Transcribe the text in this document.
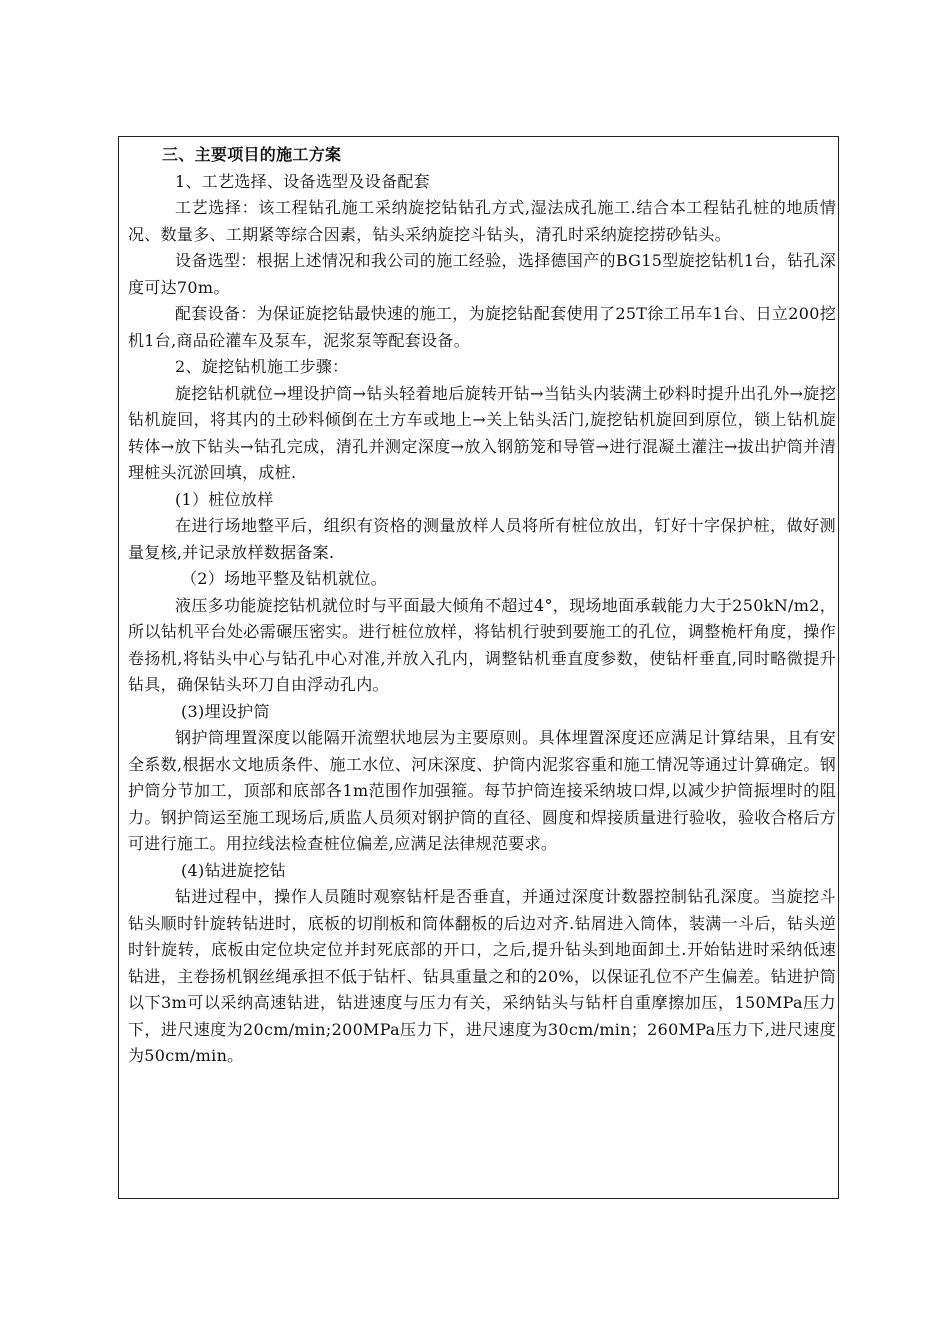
三、主要项目的施工方案

1、工艺选择、设备选型及设备配套

工艺选择：该工程钻孔施工采纳旋挖钻钻孔方式,湿法成孔施工.结合本工程钻孔桩的地质情况、数量多、工期紧等综合因素，钻头采纳旋挖斗钻头，清孔时采纳旋挖捞砂钻头。

设备选型：根据上述情况和我公司的施工经验，选择德国产的BG15型旋挖钻机1台，钻孔深度可达70m。

配套设备：为保证旋挖钻最快速的施工，为旋挖钻配套使用了25T徐工吊车1台、日立200挖机1台,商品砼灌车及泵车，泥浆泵等配套设备。

2、旋挖钻机施工步骤：

旋挖钻机就位→埋设护筒→钻头轻着地后旋转开钻→当钻头内装满土砂料时提升出孔外→旋挖钻机旋回，将其内的土砂料倾倒在土方车或地上→关上钻头活门,旋挖钻机旋回到原位，锁上钻机旋转体→放下钻头→钻孔完成，清孔并测定深度→放入钢筋笼和导管→进行混凝土灌注→拔出护筒并清理桩头沉淤回填，成桩.

(1）桩位放样

在进行场地整平后，组织有资格的测量放样人员将所有桩位放出，钉好十字保护桩，做好测量复核,并记录放样数据备案.

（2）场地平整及钻机就位。

液压多功能旋挖钻机就位时与平面最大倾角不超过4°，现场地面承载能力大于250kN/m2，所以钻机平台处必需碾压密实。进行桩位放样，将钻机行驶到要施工的孔位，调整桅杆角度，操作卷扬机,将钻头中心与钻孔中心对准,并放入孔内，调整钻机垂直度参数，使钻杆垂直,同时略微提升钻具，确保钻头环刀自由浮动孔内。

(3)埋设护筒

钢护筒埋置深度以能隔开流塑状地层为主要原则。具体埋置深度还应满足计算结果，且有安全系数,根据水文地质条件、施工水位、河床深度、护筒内泥浆容重和施工情况等通过计算确定。钢护筒分节加工，顶部和底部各1m范围作加强箍。每节护筒连接采纳坡口焊,以减少护筒振埋时的阻力。钢护筒运至施工现场后,质监人员须对钢护筒的直径、圆度和焊接质量进行验收，验收合格后方可进行施工。用拉线法检查桩位偏差,应满足法律规范要求。

(4)钻进旋挖钻

钻进过程中，操作人员随时观察钻杆是否垂直，并通过深度计数器控制钻孔深度。当旋挖斗钻头顺时针旋转钻进时，底板的切削板和筒体翻板的后边对齐.钻屑进入筒体，装满一斗后，钻头逆时针旋转，底板由定位块定位并封死底部的开口，之后,提升钻头到地面卸土.开始钻进时采纳低速钻进，主卷扬机钢丝绳承担不低于钻杆、钻具重量之和的20%，以保证孔位不产生偏差。钻进护筒以下3m可以采纳高速钻进，钻进速度与压力有关，采纳钻头与钻杆自重摩擦加压，150MPa压力下，进尺速度为20cm/min;200MPa压力下，进尺速度为30cm/min；260MPa压力下,进尺速度为50cm/min。
